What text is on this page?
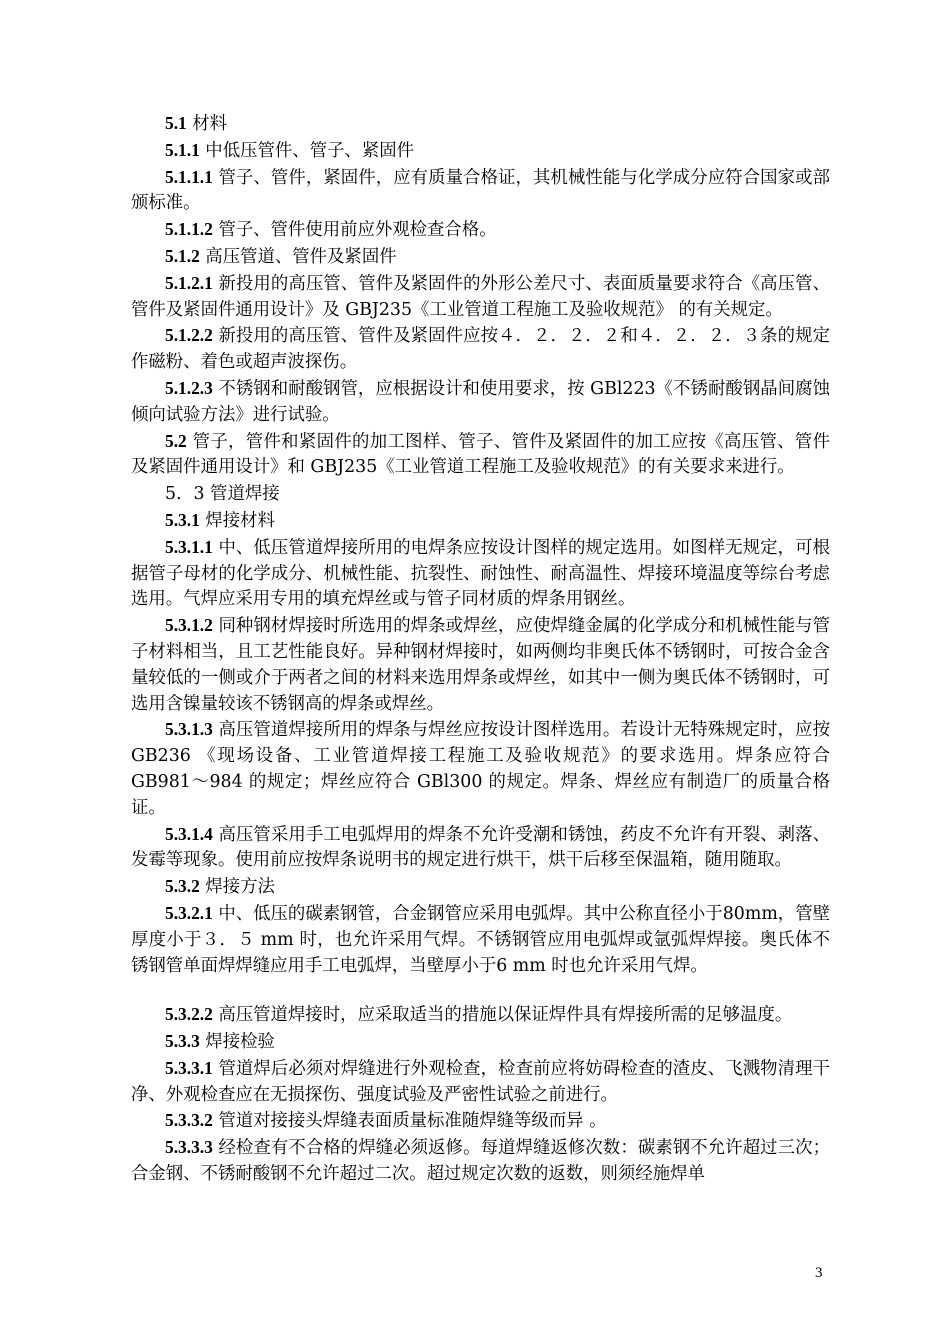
5.1 材料

5.1.1 中低压管件、管子、紧固件

5.1.1.1 管子、管件，紧固件，应有质量合格证，其机械性能与化学成分应符合国家或部颁标准。

5.1.1.2 管子、管件使用前应外观检查合格。

5.1.2 高压管道、管件及紧固件

5.1.2.1 新投用的高压管、管件及紧固件的外形公差尺寸、表面质量要求符合《高压管、管件及紧固件通用设计》及 GBJ235《工业管道工程施工及验收规范》 的有关规定。

5.1.2.2 新投用的高压管、管件及紧固件应按４．２．２．２和４．２．２．３条的规定作磁粉、着色或超声波探伤。

5.1.2.3 不锈钢和耐酸钢管，应根据设计和使用要求，按 GBl223《不锈耐酸钢晶间腐蚀倾向试验方法》进行试验。

5.2 管子，管件和紧固件的加工图样、管子、管件及紧固件的加工应按《高压管、管件及紧固件通用设计》和 GBJ235《工业管道工程施工及验收规范》的有关要求来进行。

5．3 管道焊接

5.3.1 焊接材料

5.3.1.1 中、低压管道焊接所用的电焊条应按设计图样的规定选用。如图样无规定，可根据管子母材的化学成分、机械性能、抗裂性、耐蚀性、耐高温性、焊接环境温度等综台考虑选用。气焊应采用专用的填充焊丝或与管子同材质的焊条用钢丝。

5.3.1.2 同种钢材焊接时所选用的焊条或焊丝，应使焊缝金属的化学成分和机械性能与管子材料相当，且工艺性能良好。异种钢材焊接时，如两侧均非奥氏体不锈钢时，可按合金含量较低的一侧或介于两者之间的材料来选用焊条或焊丝，如其中一侧为奥氏体不锈钢时，可选用含镍量较该不锈钢高的焊条或焊丝。

5.3.1.3 高压管道焊接所用的焊条与焊丝应按设计图样选用。若设计无特殊规定时，应按 GB236 《现场设备、工业管道焊接工程施工及验收规范》的要求选用。焊条应符合 GB981～984 的规定；焊丝应符合 GBl300 的规定。焊条、焊丝应有制造厂的质量合格证。

5.3.1.4 高压管采用手工电弧焊用的焊条不允许受潮和锈蚀，药皮不允许有开裂、剥落、发霉等现象。使用前应按焊条说明书的规定进行烘干，烘干后移至保温箱，随用随取。

5.3.2 焊接方法

5.3.2.1 中、低压的碳素钢管，合金钢管应采用电弧焊。其中公称直径小于80mm，管壁厚度小于３．５ mm 时，也允许采用气焊。不锈钢管应用电弧焊或氩弧焊焊接。奥氏体不锈钢管单面焊焊缝应用手工电弧焊，当壁厚小于6 mm 时也允许采用气焊。

5.3.2.2 高压管道焊接时，应采取适当的措施以保证焊件具有焊接所需的足够温度。

5.3.3 焊接检验

5.3.3.1 管道焊后必须对焊缝进行外观检查，检查前应将妨碍检查的渣皮、飞溅物清理干净、外观检查应在无损探伤、强度试验及严密性试验之前进行。

5.3.3.2 管道对接接头焊缝表面质量标准随焊缝等级而异 。

5.3.3.3 经检查有不合格的焊缝必须返修。每道焊缝返修次数：碳素钢不允许超过三次；合金钢、不锈耐酸钢不允许超过二次。超过规定次数的返数，则须经施焊单

3
